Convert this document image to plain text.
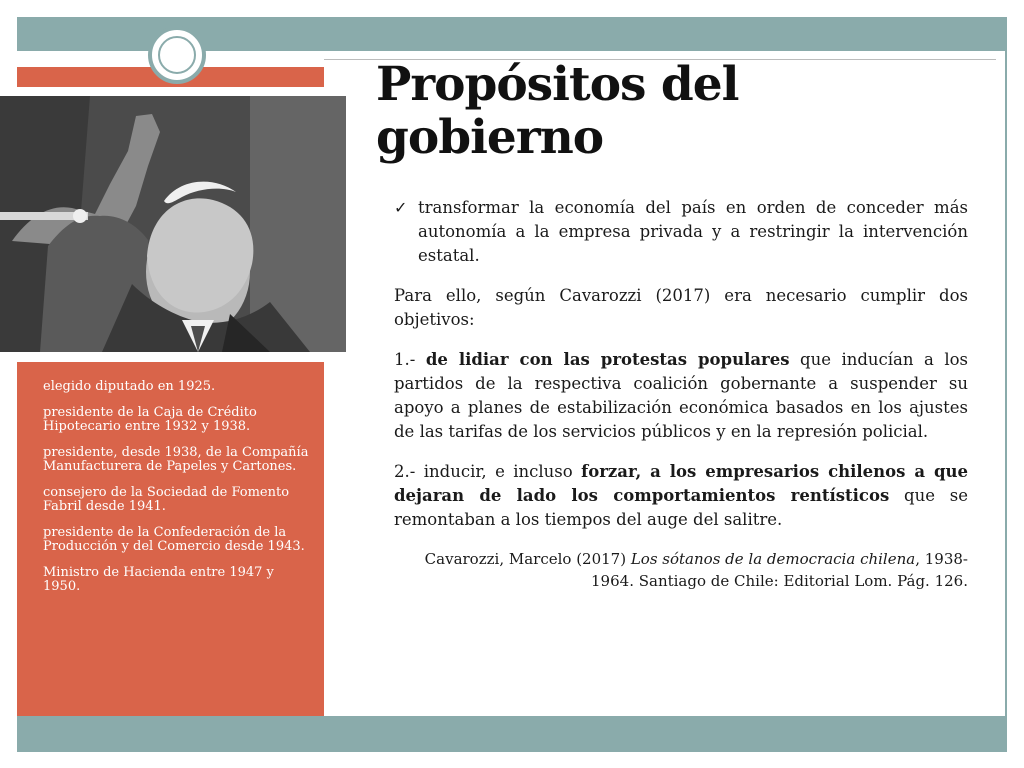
Propósitos del gobierno
elegido diputado en 1925.
presidente de la Caja de Crédito Hipotecario entre 1932 y 1938.
presidente, desde 1938, de la Compañía Manufacturera de Papeles y Cartones.
consejero de la Sociedad de Fomento Fabril desde 1941.
presidente de la Confederación de la Producción y del Comercio desde 1943.
Ministro de Hacienda entre 1947 y 1950.
✓ transformar la economía del país en orden de conceder más autonomía a la empresa privada y a restringir la intervención estatal.

Para ello, según Cavarozzi (2017) era necesario cumplir dos objetivos:

1.- de lidiar con las protestas populares que inducían a los partidos de la respectiva coalición gobernante a suspender su apoyo a planes de estabilización económica basados en los ajustes de las tarifas de los servicios públicos y en la represión policial.

2.- inducir, e incluso forzar, a los empresarios chilenos a que dejaran de lado los comportamientos rentísticos que se remontaban a los tiempos del auge del salitre.

Cavarozzi, Marcelo (2017) Los sótanos de la democracia chilena, 1938-1964. Santiago de Chile: Editorial Lom. Pág. 126.
